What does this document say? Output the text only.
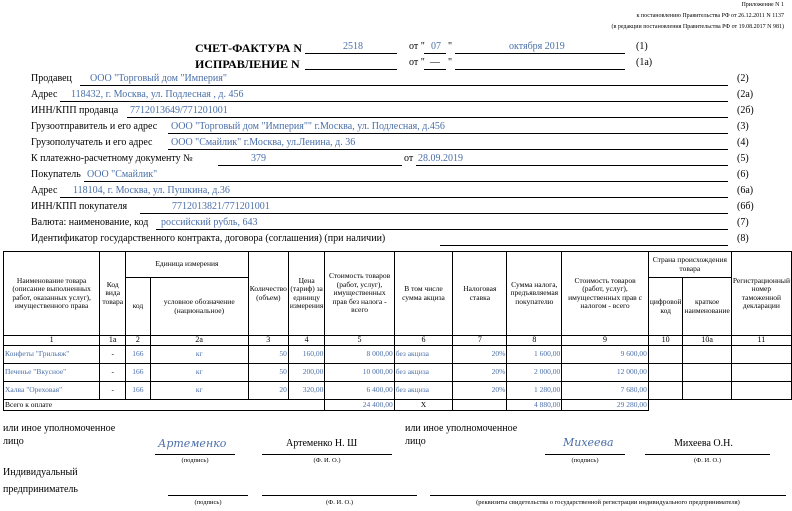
Приложение N 1
к постановлению Правительства РФ от 26.12.2011 N 1137
(в редакции постановления Правительства РФ от 19.08.2017 N 981)
СЧЕТ-ФАКТУРА N	2518	от " 07 "	октября 2019	(1)
ИСПРАВЛЕНИЕ N	от " — "	(1а)
Продавец ООО "Торговый дом "Империя"	(2)
Адрес 118432, г. Москва, ул. Подлесная , д. 456	(2а)
ИНН/КПП продавца	7712013649/771201001	(2б)
Грузоотправитель и его адрес	ООО "Торговый дом "Империя"" г.Москва, ул. Подлесная, д.456	(3)
Грузополучатель и его адрес	ООО "Смайлик" г.Москва, ул.Ленина, д. 36	(4)
К платежно-расчетному документу №	379	от 28.09.2019	(5)
Покупатель ООО "Смайлик"	(6)
Адрес 118104, г. Москва, ул. Пушкина, д.36	(6а)
ИНН/КПП покупателя	7712013821/771201001	(6б)
Валюта: наименование, код	российский рубль, 643	(7)
Идентификатор государственного контракта, договора (соглашения) (при наличии)	(8)
Наименование товара (описание выполненных работ, оказанных услуг), имущественного права	Код вида товара	Единица измерения		Количество (объем)	Цена (тариф) за единицу измерения	Стоимость товаров (работ, услуг), имущественных прав без налога - всего	В том числе сумма акциза	Налоговая ставка	Сумма налога, предъявляемая покупателю	Стоимость товаров (работ, услуг), имущественных прав с налогом - всего	Страна происхождения товара		Регистрационный номер таможенной декларации
		код	условное обозначение (национальное)								цифровой код	краткое наименование	
1	1а	2	2а	3	4	5	6	7	8	9	10	10а	11
Конфеты "Грильяж"	-	166	кг	50	160,00	8 000,00	без акциза	20%	1 600,00	9 600,00			
Печенье "Вкусное"	-	166	кг	50	200,00	10 000,00	без акциза	20%	2 000,00	12 000,00			
Халва "Ореховая"	-	166	кг	20	320,00	6 400,00	без акциза	20%	1 280,00	7 680,00			
Всего к оплате						24 400,00	Х		4 880,00	29 280,00			
или иное уполномоченное
лицо	Артеменко
(подпись)
Артеменко Н. Ш
(Ф. И. О.)
или иное уполномоченное
лицо	Михеева
(подпись)
Михеева О.Н.
(Ф. И. О.)
Индивидуальный
предприниматель
(подпись)	(Ф. И. О.)	(реквизиты свидетельства о государственной регистрации индивидуального предпринимателя)
